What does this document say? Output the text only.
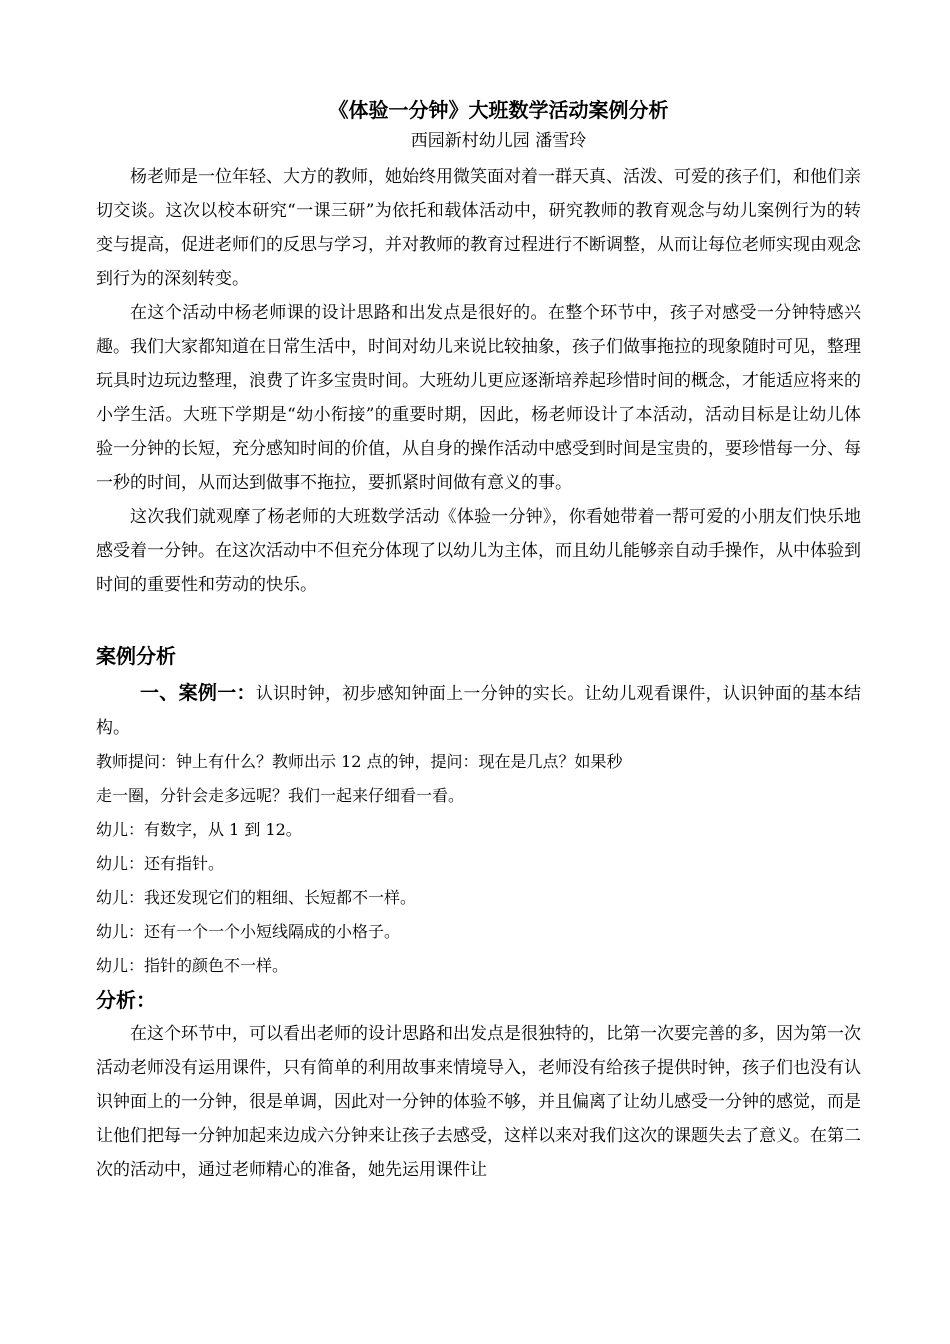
《体验一分钟》大班数学活动案例分析
西园新村幼儿园 潘雪玲

杨老师是一位年轻、大方的教师，她始终用微笑面对着一群天真、活泼、可爱的孩子们，和他们亲切交谈。这次以校本研究“一课三研”为依托和载体活动中，研究教师的教育观念与幼儿案例行为的转变与提高，促进老师们的反思与学习，并对教师的教育过程进行不断调整，从而让每位老师实现由观念到行为的深刻转变。

在这个活动中杨老师课的设计思路和出发点是很好的。在整个环节中，孩子对感受一分钟特感兴趣。我们大家都知道在日常生活中，时间对幼儿来说比较抽象，孩子们做事拖拉的现象随时可见，整理玩具时边玩边整理，浪费了许多宝贵时间。大班幼儿更应逐渐培养起珍惜时间的概念，才能适应将来的小学生活。大班下学期是“幼小衔接”的重要时期，因此，杨老师设计了本活动，活动目标是让幼儿体验一分钟的长短，充分感知时间的价值，从自身的操作活动中感受到时间是宝贵的，要珍惜每一分、每一秒的时间，从而达到做事不拖拉，要抓紧时间做有意义的事。

这次我们就观摩了杨老师的大班数学活动《体验一分钟》，你看她带着一帮可爱的小朋友们快乐地感受着一分钟。在这次活动中不但充分体现了以幼儿为主体，而且幼儿能够亲自动手操作，从中体验到时间的重要性和劳动的快乐。

案例分析

一、案例一：认识时钟，初步感知钟面上一分钟的实长。让幼儿观看课件，认识钟面的基本结构。

教师提问：钟上有什么？教师出示 12 点的钟，提问：现在是几点？如果秒

走一圈，分针会走多远呢？我们一起来仔细看一看。

幼儿：有数字，从 1 到 12。

幼儿：还有指针。

幼儿：我还发现它们的粗细、长短都不一样。

幼儿：还有一个一个小短线隔成的小格子。

幼儿：指针的颜色不一样。

分析：

在这个环节中，可以看出老师的设计思路和出发点是很独特的，比第一次要完善的多，因为第一次活动老师没有运用课件，只有简单的利用故事来情境导入，老师没有给孩子提供时钟，孩子们也没有认识钟面上的一分钟，很是单调，因此对一分钟的体验不够，并且偏离了让幼儿感受一分钟的感觉，而是让他们把每一分钟加起来边成六分钟来让孩子去感受，这样以来对我们这次的课题失去了意义。在第二次的活动中，通过老师精心的准备，她先运用课件让
